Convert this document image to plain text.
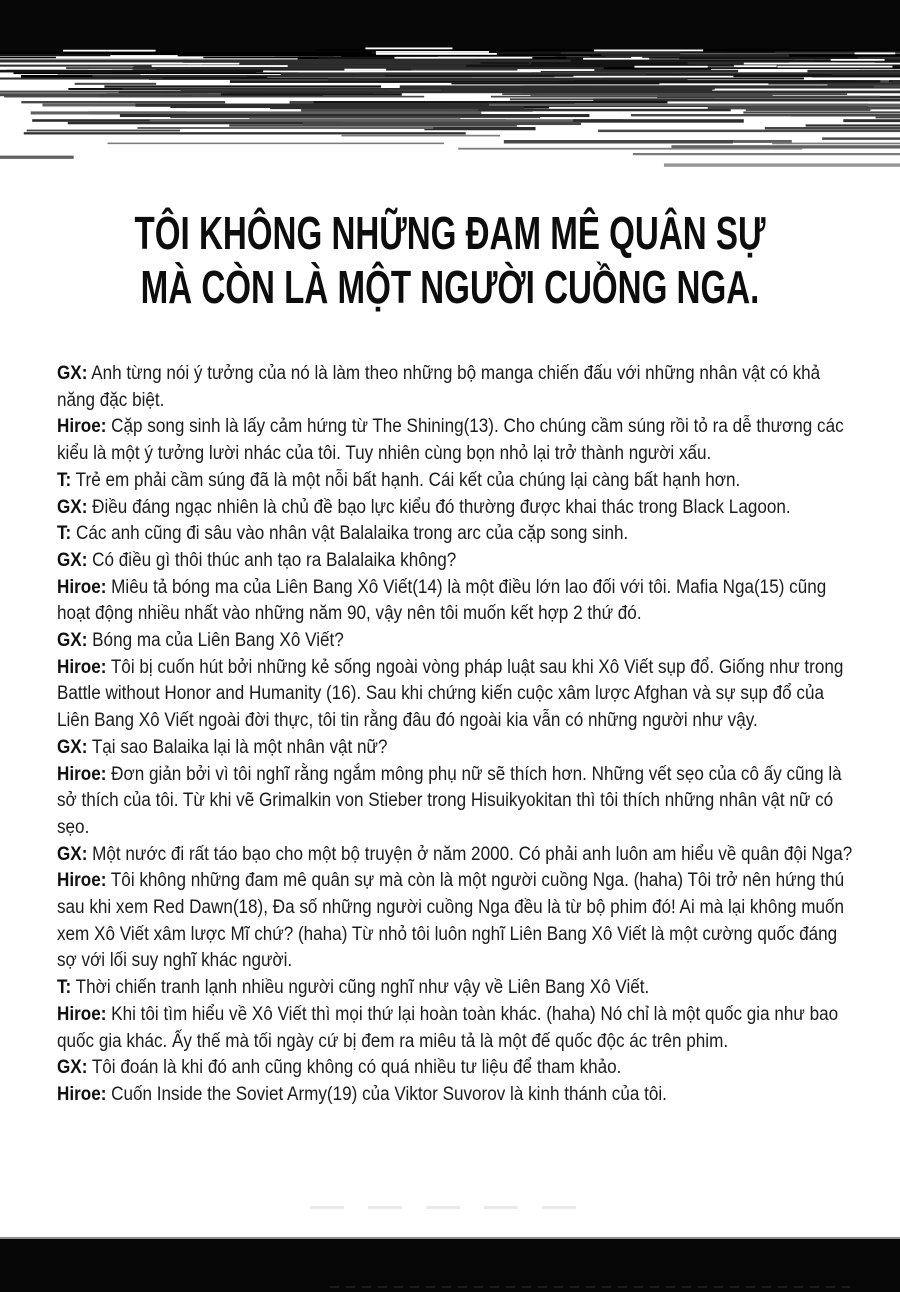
TÔI KHÔNG NHỮNG ĐAM MÊ QUÂN SỰ
MÀ CÒN LÀ MỘT NGƯỜI CUỒNG NGA.

GX: Anh từng nói ý tưởng của nó là làm theo những bộ manga chiến đấu với những nhân vật có khả năng đặc biệt.

Hiroe: Cặp song sinh là lấy cảm hứng từ The Shining(13). Cho chúng cầm súng rồi tỏ ra dễ thương các kiểu là một ý tưởng lười nhác của tôi. Tuy nhiên cùng bọn nhỏ lại trở thành người xấu.

T: Trẻ em phải cầm súng đã là một nỗi bất hạnh. Cái kết của chúng lại càng bất hạnh hơn.

GX: Điều đáng ngạc nhiên là chủ đề bạo lực kiểu đó thường được khai thác trong Black Lagoon.

T: Các anh cũng đi sâu vào nhân vật Balalaika trong arc của cặp song sinh.

GX: Có điều gì thôi thúc anh tạo ra Balalaika không?

Hiroe: Miêu tả bóng ma của Liên Bang Xô Viết(14) là một điều lớn lao đối với tôi. Mafia Nga(15) cũng hoạt động nhiều nhất vào những năm 90, vậy nên tôi muốn kết hợp 2 thứ đó.

GX: Bóng ma của Liên Bang Xô Viết?

Hiroe: Tôi bị cuốn hút bởi những kẻ sống ngoài vòng pháp luật sau khi Xô Viết sụp đổ. Giống như trong Battle without Honor and Humanity (16). Sau khi chứng kiến cuộc xâm lược Afghan và sự sụp đổ của Liên Bang Xô Viết ngoài đời thực, tôi tin rằng đâu đó ngoài kia vẫn có những người như vậy.

GX: Tại sao Balaika lại là một nhân vật nữ?

Hiroe: Đơn giản bởi vì tôi nghĩ rằng ngắm mông phụ nữ sẽ thích hơn. Những vết sẹo của cô ấy cũng là sở thích của tôi. Từ khi vẽ Grimalkin von Stieber trong Hisuikyokitan thì tôi thích những nhân vật nữ có sẹo.

GX: Một nước đi rất táo bạo cho một bộ truyện ở năm 2000. Có phải anh luôn am hiểu về quân đội Nga?

Hiroe: Tôi không những đam mê quân sự mà còn là một người cuồng Nga. (haha) Tôi trở nên hứng thú sau khi xem Red Dawn(18), Đa số những người cuồng Nga đều là từ bộ phim đó! Ai mà lại không muốn xem Xô Viết xâm lược Mĩ chứ? (haha) Từ nhỏ tôi luôn nghĩ Liên Bang Xô Viết là một cường quốc đáng sợ với lối suy nghĩ khác người.

T: Thời chiến tranh lạnh nhiều người cũng nghĩ như vậy về Liên Bang Xô Viết.

Hiroe: Khi tôi tìm hiểu về Xô Viết thì mọi thứ lại hoàn toàn khác. (haha) Nó chỉ là một quốc gia như bao quốc gia khác. Ấy thế mà tối ngày cứ bị đem ra miêu tả là một đế quốc độc ác trên phim.

GX: Tôi đoán là khi đó anh cũng không có quá nhiều tư liệu để tham khảo.

Hiroe: Cuốn Inside the Soviet Army(19) của Viktor Suvorov là kinh thánh của tôi.
